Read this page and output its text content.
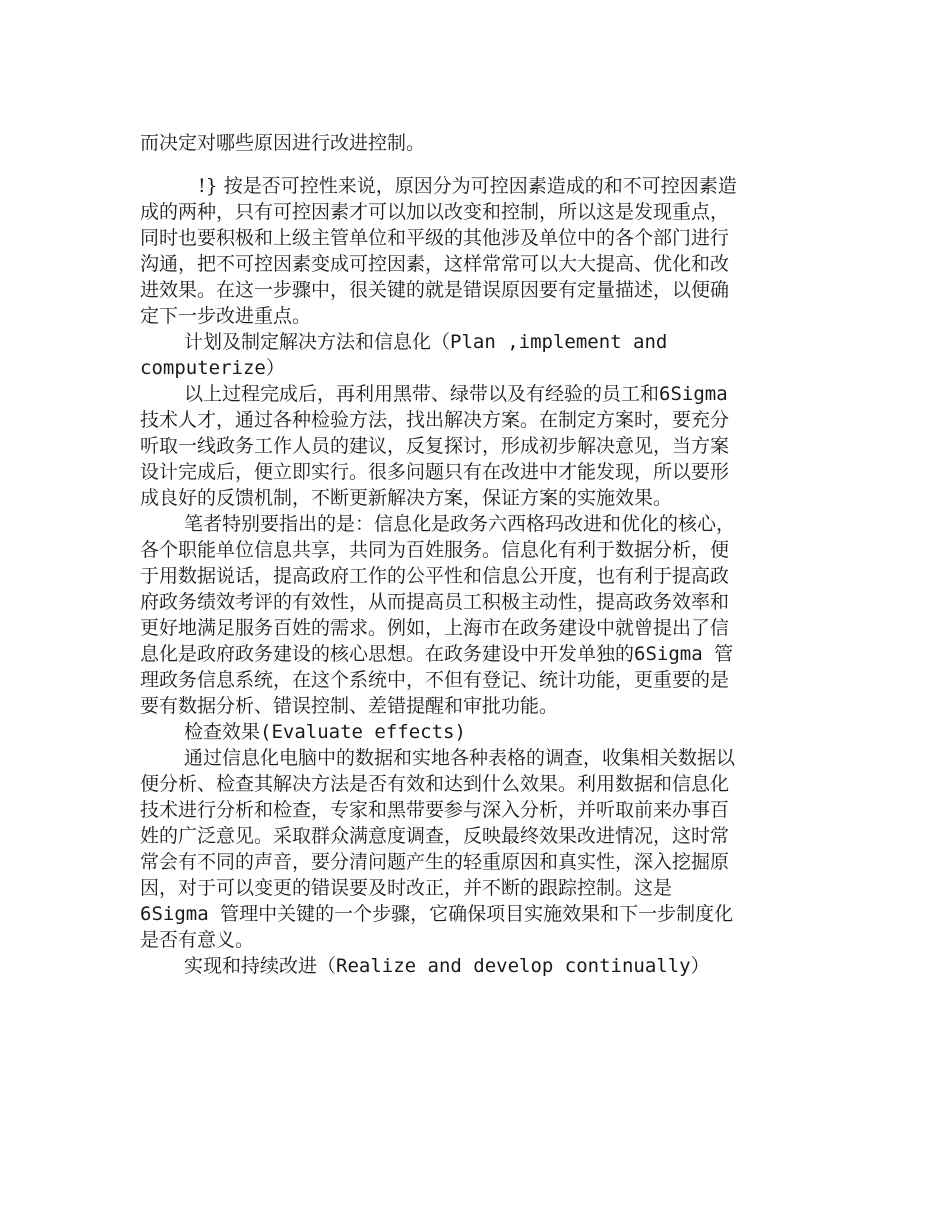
而决定对哪些原因进行改进控制。

!} 按是否可控性来说，原因分为可控因素造成的和不可控因素造成的两种，只有可控因素才可以加以改变和控制，所以这是发现重点，同时也要积极和上级主管单位和平级的其他涉及单位中的各个部门进行沟通，把不可控因素变成可控因素，这样常常可以大大提高、优化和改进效果。在这一步骤中，很关键的就是错误原因要有定量描述，以便确定下一步改进重点。

计划及制定解决方法和信息化（Plan ,implement and computerize）

以上过程完成后，再利用黑带、绿带以及有经验的员工和6Sigma 技术人才，通过各种检验方法，找出解决方案。在制定方案时，要充分听取一线政务工作人员的建议，反复探讨，形成初步解决意见，当方案设计完成后，便立即实行。很多问题只有在改进中才能发现，所以要形成良好的反馈机制，不断更新解决方案，保证方案的实施效果。

笔者特别要指出的是：信息化是政务六西格玛改进和优化的核心，各个职能单位信息共享，共同为百姓服务。信息化有利于数据分析，便于用数据说话，提高政府工作的公平性和信息公开度，也有利于提高政府政务绩效考评的有效性，从而提高员工积极主动性，提高政务效率和更好地满足服务百姓的需求。例如，上海市在政务建设中就曾提出了信息化是政府政务建设的核心思想。在政务建设中开发单独的6Sigma 管理政务信息系统，在这个系统中，不但有登记、统计功能，更重要的是要有数据分析、错误控制、差错提醒和审批功能。

检查效果(Evaluate effects)

通过信息化电脑中的数据和实地各种表格的调查，收集相关数据以便分析、检查其解决方法是否有效和达到什么效果。利用数据和信息化技术进行分析和检查，专家和黑带要参与深入分析，并听取前来办事百姓的广泛意见。采取群众满意度调查，反映最终效果改进情况，这时常常会有不同的声音，要分清问题产生的轻重原因和真实性，深入挖掘原因，对于可以变更的错误要及时改正，并不断的跟踪控制。这是6Sigma 管理中关键的一个步骤，它确保项目实施效果和下一步制度化是否有意义。

实现和持续改进（Realize and develop continually）
